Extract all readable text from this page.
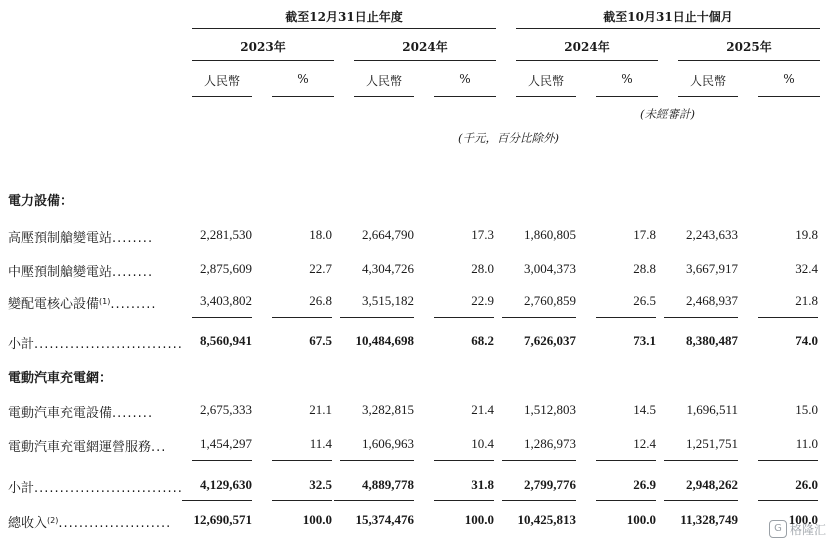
截至12月31日止年度	截至10月31日止十個月
2023年	2024年	2024年	2025年
人民幣	%	人民幣	%	人民幣	%	人民幣	%
(未經審計)
(千元，百分比除外)
電力設備：
高壓預制艙變電站........	2,281,530	18.0	2,664,790	17.3	1,860,805	17.8	2,243,633	19.8
中壓預制艙變電站........	2,875,609	22.7	4,304,726	28.0	3,004,373	28.8	3,667,917	32.4
變配電核心設備$^{(1)}$.........	3,403,802	26.8	3,515,182	22.9	2,760,859	26.5	2,468,937	21.8
小計.............................	8,560,941	67.5	10,484,698	68.2	7,626,037	73.1	8,380,487	74.0
電動汽車充電網：
電動汽車充電設備........	2,675,333	21.1	3,282,815	21.4	1,512,803	14.5	1,696,511	15.0
電動汽車充電網運營服務...	1,454,297	11.4	1,606,963	10.4	1,286,973	12.4	1,251,751	11.0
小計.............................	4,129,630	32.5	4,889,778	31.8	2,799,776	26.9	2,948,262	26.0
總收入$^{(2)}$......................	12,690,571	100.0	15,374,476	100.0	10,425,813	100.0	11,328,749	100.0
G 格隆汇
